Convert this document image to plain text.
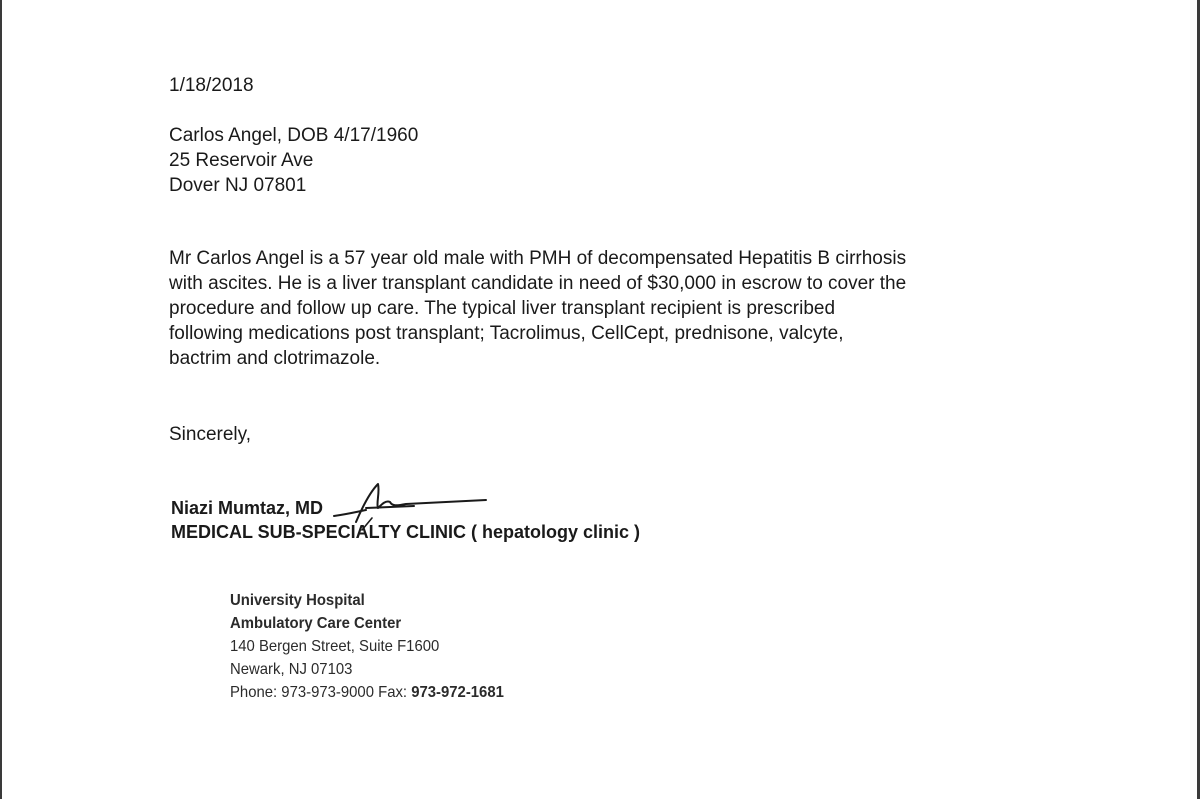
1/18/2018
Carlos Angel, DOB 4/17/1960
25 Reservoir Ave
Dover NJ 07801
Mr Carlos Angel is a 57 year old male with PMH of decompensated Hepatitis B cirrhosis
with ascites. He is a liver transplant candidate in need of $30,000 in escrow to cover the
procedure and follow up care. The typical liver transplant recipient is prescribed
following medications post transplant; Tacrolimus, CellCept, prednisone, valcyte,
bactrim and clotrimazole.
Sincerely,
Niazi Mumtaz, MD
MEDICAL SUB-SPECIALTY CLINIC ( hepatology clinic )
University Hospital
Ambulatory Care Center
140 Bergen Street, Suite F1600
Newark, NJ 07103
Phone: 973-973-9000 Fax: 973-972-1681
